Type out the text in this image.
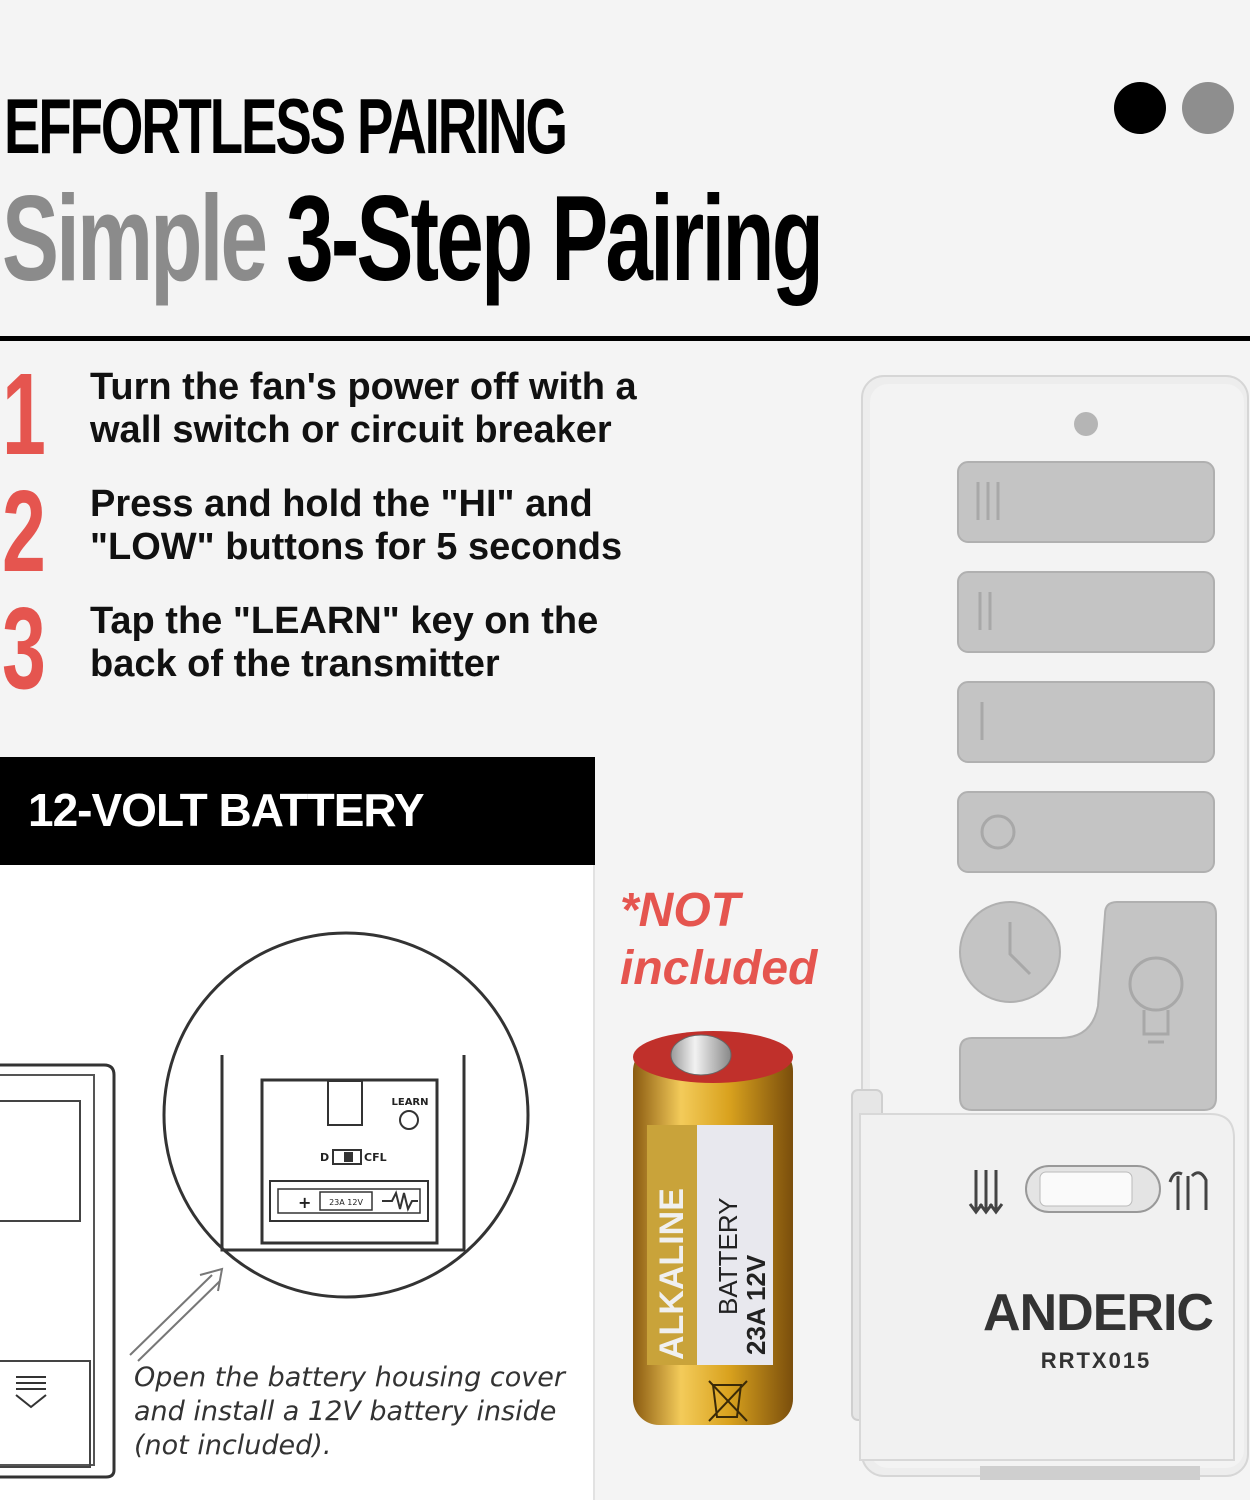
EFFORTLESS PAIRING
Simple 3-Step Pairing
1 Turn the fan's power off with a wall switch or circuit breaker
2 Press and hold the "HI" and "LOW" buttons for 5 seconds
3 Tap the "LEARN" key on the back of the transmitter
12-VOLT BATTERY
LEARN
D	CFL
+ 23A 12V
Open the battery housing cover and install a 12V battery inside (not included).
*NOT included
ALKALINE BATTERY
23A 12V	ANDERIC
RRTX015
